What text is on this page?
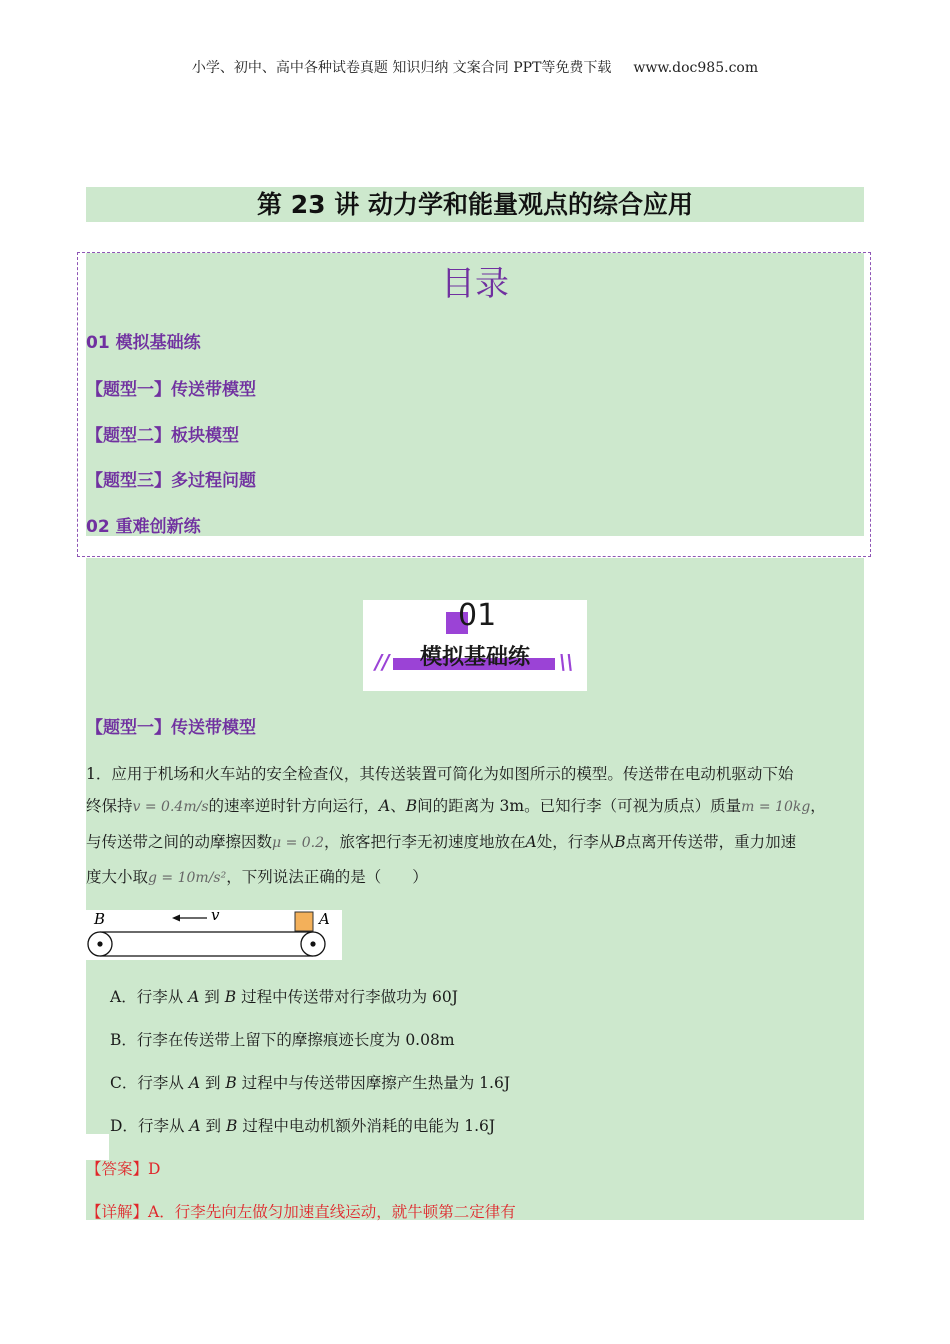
小学、初中、高中各种试卷真题 知识归纳 文案合同 PPT等免费下载 www.doc985.com
第 23 讲 动力学和能量观点的综合应用
目录
01 模拟基础练
【题型一】传送带模型
【题型二】板块模型
【题型三】多过程问题
02 重难创新练
01
模拟基础练
//	\\
【题型一】传送带模型
1．应用于机场和火车站的安全检查仪，其传送装置可简化为如图所示的模型。传送带在电动机驱动下始
终保持v = 0.4m/s的速率逆时针方向运行，A、B间的距离为 3m。已知行李（可视为质点）质量m = 10kg，
与传送带之间的动摩擦因数μ = 0.2，旅客把行李无初速度地放在A处，行李从B点离开传送带，重力加速
度大小取g = 10m/s²，下列说法正确的是（　　）
B	A
v
A．行李从 A 到 B 过程中传送带对行李做功为 60J
B．行李在传送带上留下的摩擦痕迹长度为 0.08m
C．行李从 A 到 B 过程中与传送带因摩擦产生热量为 1.6J
D．行李从 A 到 B 过程中电动机额外消耗的电能为 1.6J
【答案】D
【详解】A．行李先向左做匀加速直线运动，就牛顿第二定律有
